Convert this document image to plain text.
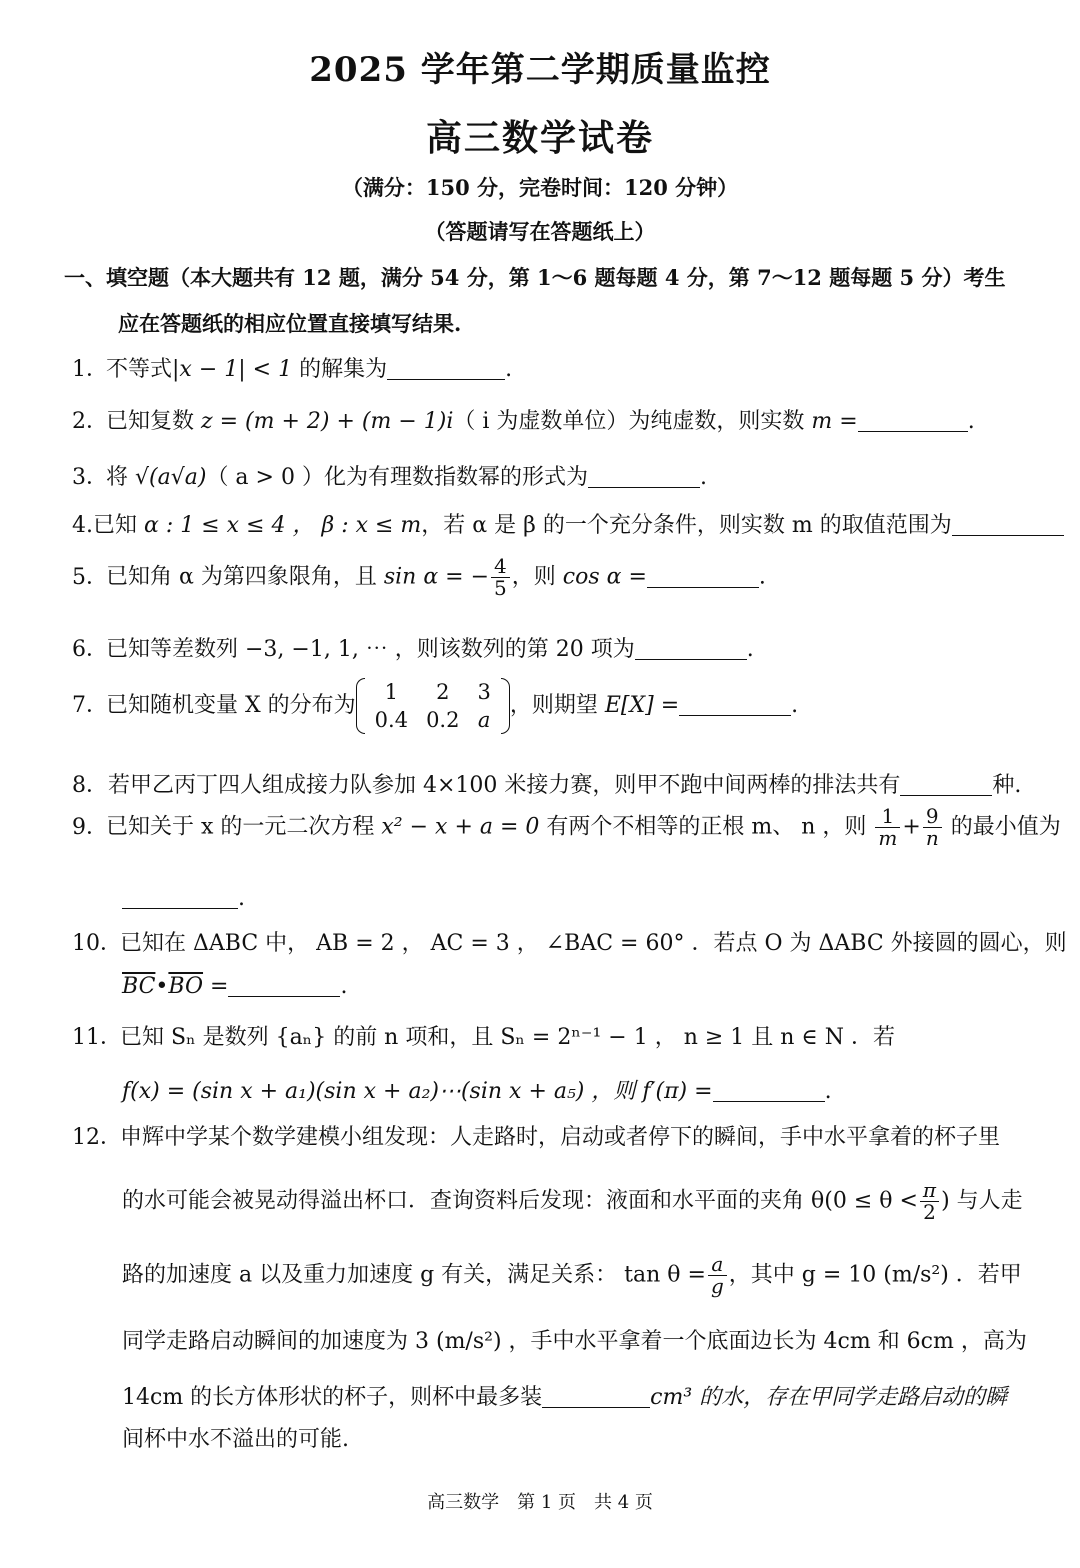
2025 学年第二学期质量监控
高三数学试卷
（满分：150 分，完卷时间：120 分钟）
（答题请写在答题纸上）
一、填空题（本大题共有 12 题，满分 54 分，第 1～6 题每题 4 分，第 7～12 题每题 5 分）考生
应在答题纸的相应位置直接填写结果.
1．不等式|x − 1| < 1 的解集为	.
2．已知复数 z = (m + 2) + (m − 1)i（ i 为虚数单位）为纯虚数，则实数 m =	.
3．将 √(a√a)（ a > 0 ）化为有理数指数幂的形式为	.
4.已知 α : 1 ≤ x ≤ 4 ， β : x ≤ m，若 α 是 β 的一个充分条件，则实数 m 的取值范围为
5．已知角 α 为第四象限角，且 sin α = − $\frac{4}{5}$ ，则 cos α =	.
6．已知等差数列 −3, −1, 1, ⋯ ，则该数列的第 20 项为	.
7．已知随机变量 X 的分布为
1	2	3
0.4	0.2	a
，则期望 E[X] =	.
8．若甲乙丙丁四人组成接力队参加 4×100 米接力赛，则甲不跑中间两棒的排法共有	种.
9．已知关于 x 的一元二次方程 x² − x + a = 0 有两个不相等的正根 m、 n ，则 $\frac{1}{m} + \frac{9}{n}$ 的最小值为
.
10．已知在 ΔABC 中， AB = 2 ， AC = 3 ， ∠BAC = 60° ．若点 O 为 ΔABC 外接圆的圆心，则
$\overline{BC}•\overline{BO}$ =	.
11．已知 Sₙ 是数列 {aₙ} 的前 n 项和，且 Sₙ = 2ⁿ⁻¹ − 1 ， n ≥ 1 且 n ∈ N ．若
f(x) = (sin x + a₁)(sin x + a₂)⋯(sin x + a₅) ，则 f′(π) =	.
12．申辉中学某个数学建模小组发现：人走路时，启动或者停下的瞬间，手中水平拿着的杯子里
的水可能会被晃动得溢出杯口．查询资料后发现：液面和水平面的夹角 $\theta(0 \le \theta < \frac{\pi}{2}$ ) 与人走
路的加速度 a 以及重力加速度 g 有关，满足关系： $\tan \theta = \frac{a}{g}$ ，其中 g = 10 (m/s²) ．若甲
同学走路启动瞬间的加速度为 3 (m/s²) ，手中水平拿着一个底面边长为 4cm 和 6cm ，高为
14cm 的长方体形状的杯子，则杯中最多装	cm³ 的水，存在甲同学走路启动的瞬
间杯中水不溢出的可能.
高三数学　第 1 页　共 4 页
